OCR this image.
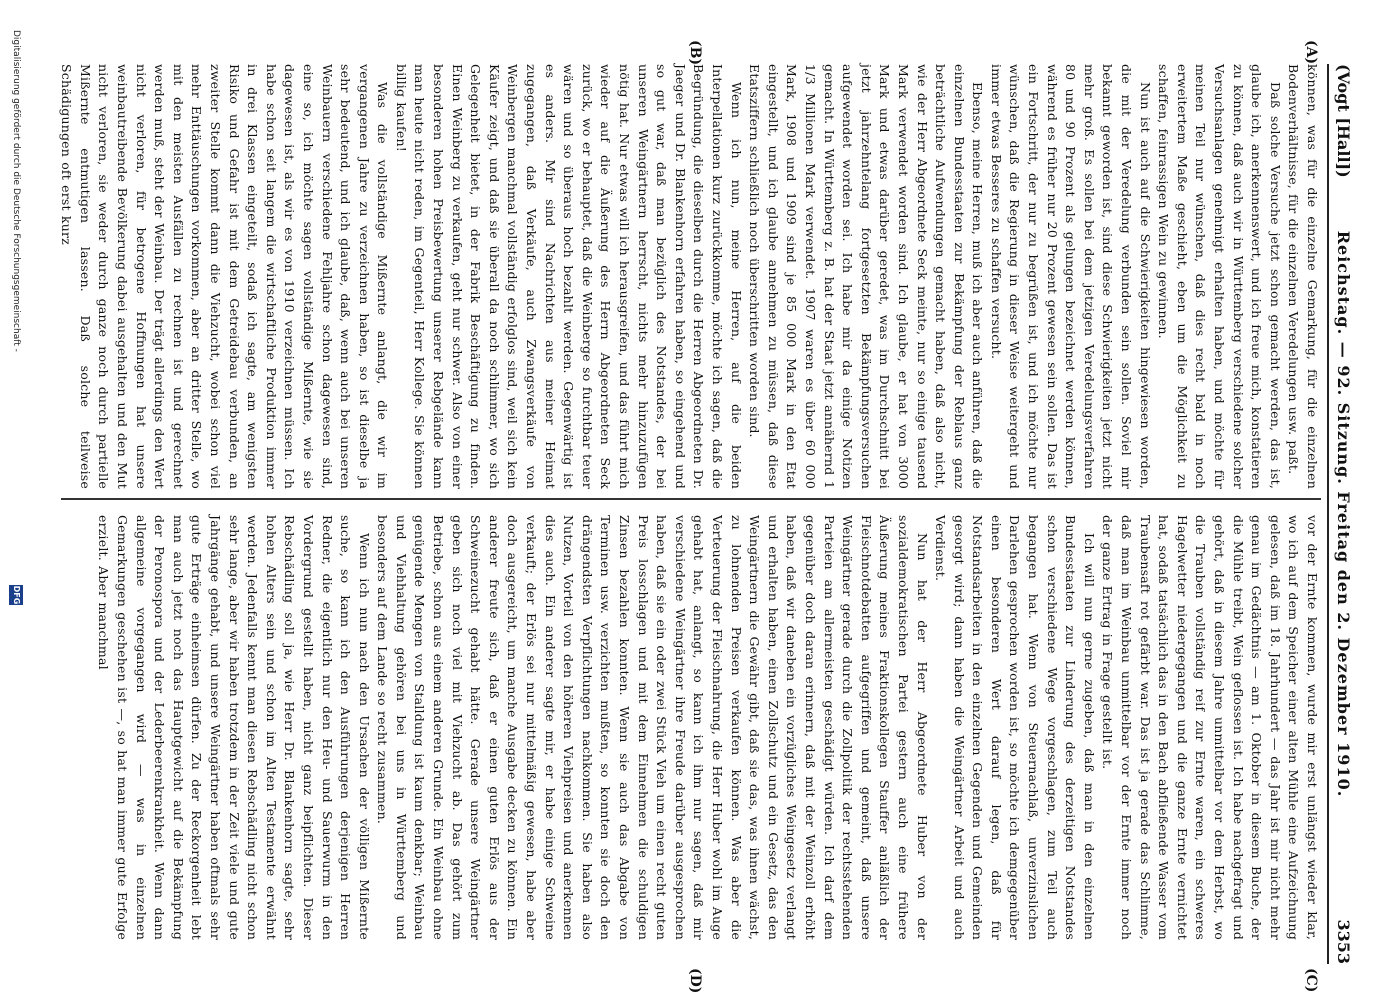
(Vogt [Hall])
Reichstag. — 92. Sitzung. Freitag den 2. Dezember 1910.
3353
(A)
(B)
(C)
(D)

können, was für die einzelne Gemarkung, für die einzelnen Bodenverhältnisse, für die einzelnen Veredelungen usw. paßt.

Daß solche Versuche jetzt schon gemacht werden, das ist, glaube ich, anerkennenswert, und ich freue mich, konstatieren zu können, daß auch wir in Württemberg verschiedene solcher Versuchsanlagen genehmigt erhalten haben, und möchte für meinen Teil nur wünschen, daß dies recht bald in noch erweitertem Maße geschieht, eben um die Möglichkeit zu schaffen, feinrassigen Wein zu gewinnen.

Nun ist auch auf die Schwierigkeiten hingewiesen worden, die mit der Veredelung verbunden sein sollen. Soviel mir bekannt geworden ist, sind diese Schwierigkeiten jetzt nicht mehr groß. Es sollen bei dem jetzigen Veredelungsverfahren 80 und 90 Prozent als gelungen bezeichnet werden können, während es früher nur 20 Prozent gewesen sein sollen. Das ist ein Fortschritt, der nur zu begrüßen ist, und ich möchte nur wünschen, daß die Regierung in dieser Weise weitergeht und immer etwas Besseres zu schaffen versucht.

Ebenso, meine Herren, muß ich aber auch anführen, daß die einzelnen Bundesstaaten zur Bekämpfung der Reblaus ganz beträchtliche Aufwendungen gemacht haben, daß also nicht, wie der Herr Abgeordnete Seck meinte, nur so einige tausend Mark verwendet worden sind. Ich glaube, er hat von 3000 Mark und etwas darüber geredet, was im Durchschnitt bei jetzt jahrzehntelang fortgesetzten Bekämpfungsversuchen aufgewendet worden sei. Ich habe mir da einige Notizen gemacht. In Württemberg z. B. hat der Staat jetzt annähernd 1 1/3 Millionen Mark verwendet. 1907 waren es über 60 000 Mark, 1908 und 1909 sind je 85 000 Mark in den Etat eingestellt, und ich glaube annehmen zu müssen, daß diese Etatsziffern schließlich noch überschritten worden sind.

Wenn ich nun, meine Herren, auf die beiden Interpellationen kurz zurückkomme, möchte ich sagen, daß die Begründung, die dieselben durch die Herren Abgeordneten Dr. Jaeger und Dr. Blankenhorn erfahren haben, so eingehend und so gut war, daß man bezüglich des Notstandes, der bei unseren Weingärtnern herrscht, nichts mehr hinzuzufügen nötig hat. Nur etwas will ich herausgreifen, und das führt mich wieder auf die Äußerung des Herrn Abgeordneten Seck zurück, wo er behauptet, daß die Weinberge so furchtbar teuer wären und so überaus hoch bezahlt werden. Gegenwärtig ist es anders. Mir sind Nachrichten aus meiner Heimat zugegangen, daß Verkäufe, auch Zwangsverkäufe von Weinbergen manchmal vollständig erfolglos sind, weil sich kein Käufer zeigt, und daß sie überall da noch schlimmer, wo sich Gelegenheit bietet, in der Fabrik Beschäftigung zu finden. Einen Weinberg zu verkaufen, geht nur schwer. Also von einer besonderen hohen Preisbewertung unserer Rebgelände kann man heute nicht reden, im Gegenteil, Herr Kollege. Sie können billig kaufen!

Was die vollständige Mißernte anlangt, die wir im vergangenen Jahre zu verzeichnen haben, so ist dieselbe ja sehr bedeutend, und ich glaube, daß, wenn auch bei unseren Weinbauern verschiedene Fehljahre schon dagewesen sind, eine so, ich möchte sagen vollständige Mißernte, wie sie dagewesen ist, als wir es von 1910 verzeichnen müssen. Ich habe schon seit langem die wirtschaftliche Produktion immer in drei Klassen eingeteilt, sodaß ich sagte, am wenigsten Risiko und Gefahr ist mit dem Getreidebau verbunden, an zweiter Stelle kommt dann die Viehzucht, wobei schon viel mehr Enttäuschungen vorkommen, aber an dritter Stelle, wo mit den meisten Ausfällen zu rechnen ist und gerechnet werden muß, steht der Weinbau. Der trägt allerdings den Wert nicht verloren, für betrogene Hoffnungen hat unsere weinbautreibende Bevölkerung dabei ausgehalten und den Mut nicht verloren, sie weder durch ganze noch durch partielle Mißernte entmutigen lassen. Daß solche teilweise Schädigungen oft erst kurz

vor der Ernte kommen, wurde mir erst unlängst wieder klar, wo ich auf dem Speicher einer alten Mühle eine Aufzeichnung gelesen, daß im 18. Jahrhundert — das Jahr ist mir nicht mehr genau im Gedächtnis — am 1. Oktober in diesem Buche, der die Mühle treibt, Wein geflossen ist. Ich habe nachgefragt und gehört, daß in diesem Jahre unmittelbar vor dem Herbst, wo die Trauben vollständig reif zur Ernte waren, ein schweres Hagelwetter niedergegangen und die ganze Ernte vernichtet hat, sodaß tatsächlich das in den Bach abfließende Wasser vom Traubensaft rot gefärbt war. Das ist ja gerade das Schlimme, daß man im Weinbau unmittelbar vor der Ernte immer noch der ganze Ertrag in Frage gestellt ist.

Ich will nun gerne zugeben, daß man in den einzelnen Bundesstaaten zur Linderung des derzeitigen Notstandes schon verschiedene Wege vorgeschlagen, zum Teil auch begangen hat. Wenn von Steuernachlaß, unverzinslichen Darlehen gesprochen worden ist, so möchte ich demgegenüber einen besonderen Wert darauf legen, daß für Notstandsarbeiten in den einzelnen Gegenden und Gemeinden gesorgt wird; dann haben die Weingärtner Arbeit und auch Verdienst.

Nun hat der Herr Abgeordnete Huber von der sozialdemokratischen Partei gestern auch eine frühere Äußerung meines Fraktionskollegen Stauffer anläßlich der Fleischnotdebatten aufgegriffen und gemeint, daß unsere Weingärtner gerade durch die Zollpolitik der rechtsstehenden Parteien am allermeisten geschädigt würden. Ich darf dem gegenüber doch daran erinnern, daß mit der Weinzoll erhöht haben, daß wir daneben ein vorzügliches Weingesetz verlangt und erhalten haben, einen Zollschutz und ein Gesetz, das den Weingärtnern die Gewähr gibt, daß sie das, was ihnen wächst, zu lohnenden Preisen verkaufen können. Was aber die Verteuerung der Fleischnahrung, die Herr Huber wohl im Auge gehabt hat, anlangt, so kann ich ihm nur sagen, daß mir verschiedene Weingärtner ihre Freude darüber ausgesprochen haben, daß sie ein oder zwei Stück Vieh um einen recht guten Preis losschlagen und mit dem Einnehmen die schuldigen Zinsen bezahlen konnten. Wenn sie auch das Abgabe von Terminen usw. verzichten mußten, so konnten sie doch den drängendsten Verpflichtungen nachkommen. Sie haben also Nutzen, Vorteil von den höheren Viehpreisen und anerkennen dies auch. Ein anderer sagte mir, er habe einige Schweine verkauft; der Erlös sei nur mittelmäßig gewesen, habe aber doch ausgereicht, um manche Ausgabe decken zu können. Ein anderer freute sich, daß er einen guten Erlös aus der Schweinezucht gehabt hätte. Gerade unsere Weingärtner geben sich noch viel mit Viehzucht ab. Das gehört zum Betriebe, schon aus einem anderen Grunde. Ein Weinbau ohne genügende Mengen von Stalldung ist kaum denkbar; Weinbau und Viehhaltung gehören bei uns in Württemberg und besonders auf dem Lande so recht zusammen.

Wenn ich nun nach den Ursachen der völligen Mißernte suche, so kann ich den Ausführungen derjenigen Herren Redner, die eigentlich nur den Heu- und Sauerwurm in den Vordergrund gestellt haben, nicht ganz beipflichten. Dieser Rebschädling soll ja, wie Herr Dr. Blankenhorn sagte, sehr hohen Alters sein und schon im Alten Testamente erwähnt werden. Jedenfalls kennt man diesen Rebschädling nicht schon sehr lange, aber wir haben trotzdem in der Zeit viele und gute Jahrgänge gehabt, und unsere Weingärtner haben oftmals sehr gute Erträge einheimsen dürfen. Zu der Reckorgenheit lebt man auch jetzt noch das Hauptgewicht auf die Bekämpfung der Peronospora und der Lederbeerenkrankheit. Wenn dann allgemeine vorgegangen wird — was in einzelnen Gemarkungen geschehen ist —, so hat man immer gute Erfolge erzielt. Aber manchmal

Digitalisierung gefördert durch die Deutsche Forschungsgemeinschaft -
DFG
